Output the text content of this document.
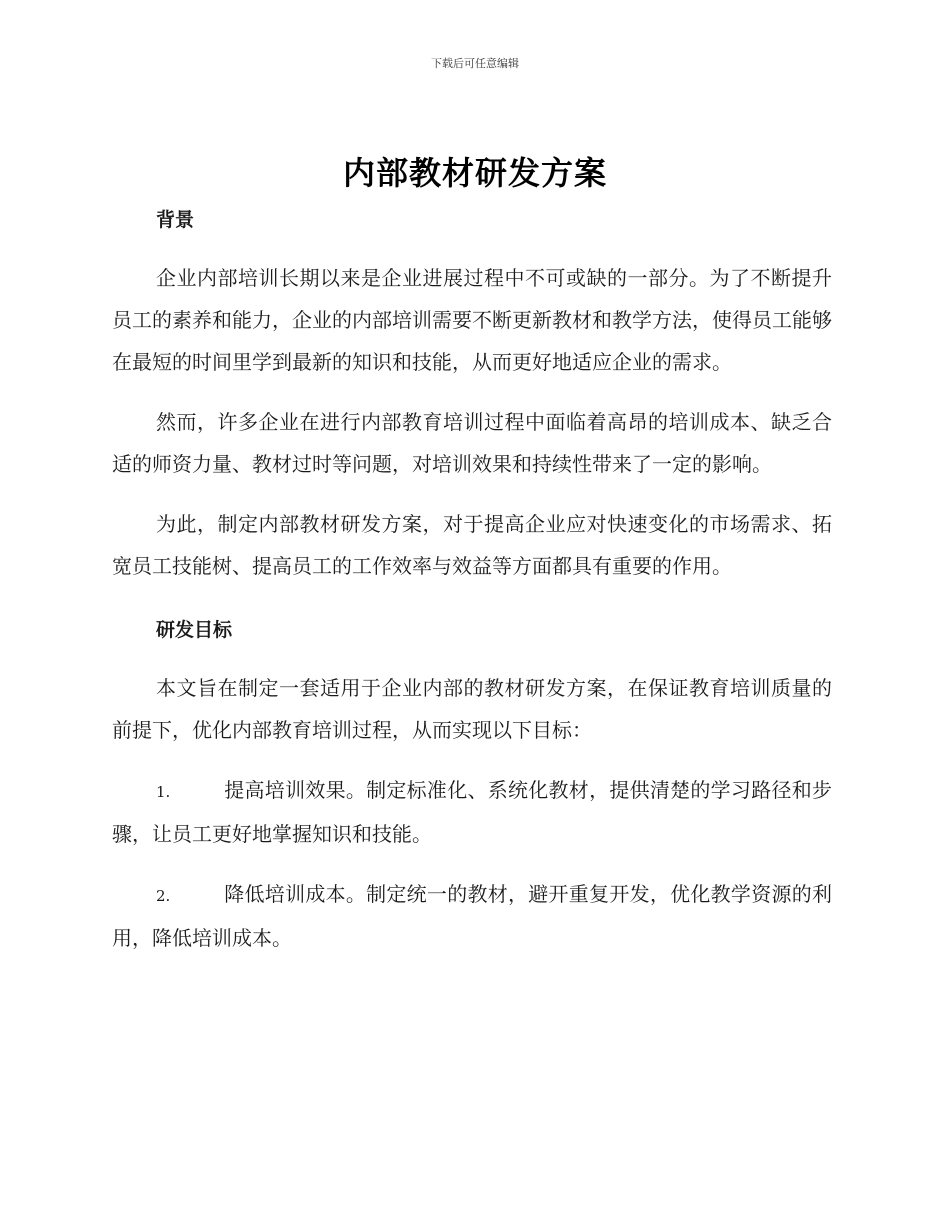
下载后可任意编辑
内部教材研发方案
背景

企业内部培训长期以来是企业进展过程中不可或缺的一部分。为了不断提升员工的素养和能力，企业的内部培训需要不断更新教材和教学方法，使得员工能够在最短的时间里学到最新的知识和技能，从而更好地适应企业的需求。

然而，许多企业在进行内部教育培训过程中面临着高昂的培训成本、缺乏合适的师资力量、教材过时等问题，对培训效果和持续性带来了一定的影响。

为此，制定内部教材研发方案，对于提高企业应对快速变化的市场需求、拓宽员工技能树、提高员工的工作效率与效益等方面都具有重要的作用。

研发目标

本文旨在制定一套适用于企业内部的教材研发方案，在保证教育培训质量的前提下，优化内部教育培训过程，从而实现以下目标：

1.	提高培训效果。制定标准化、系统化教材，提供清楚的学习路径和步骤，让员工更好地掌握知识和技能。

2.	降低培训成本。制定统一的教材，避开重复开发，优化教学资源的利用，降低培训成本。
